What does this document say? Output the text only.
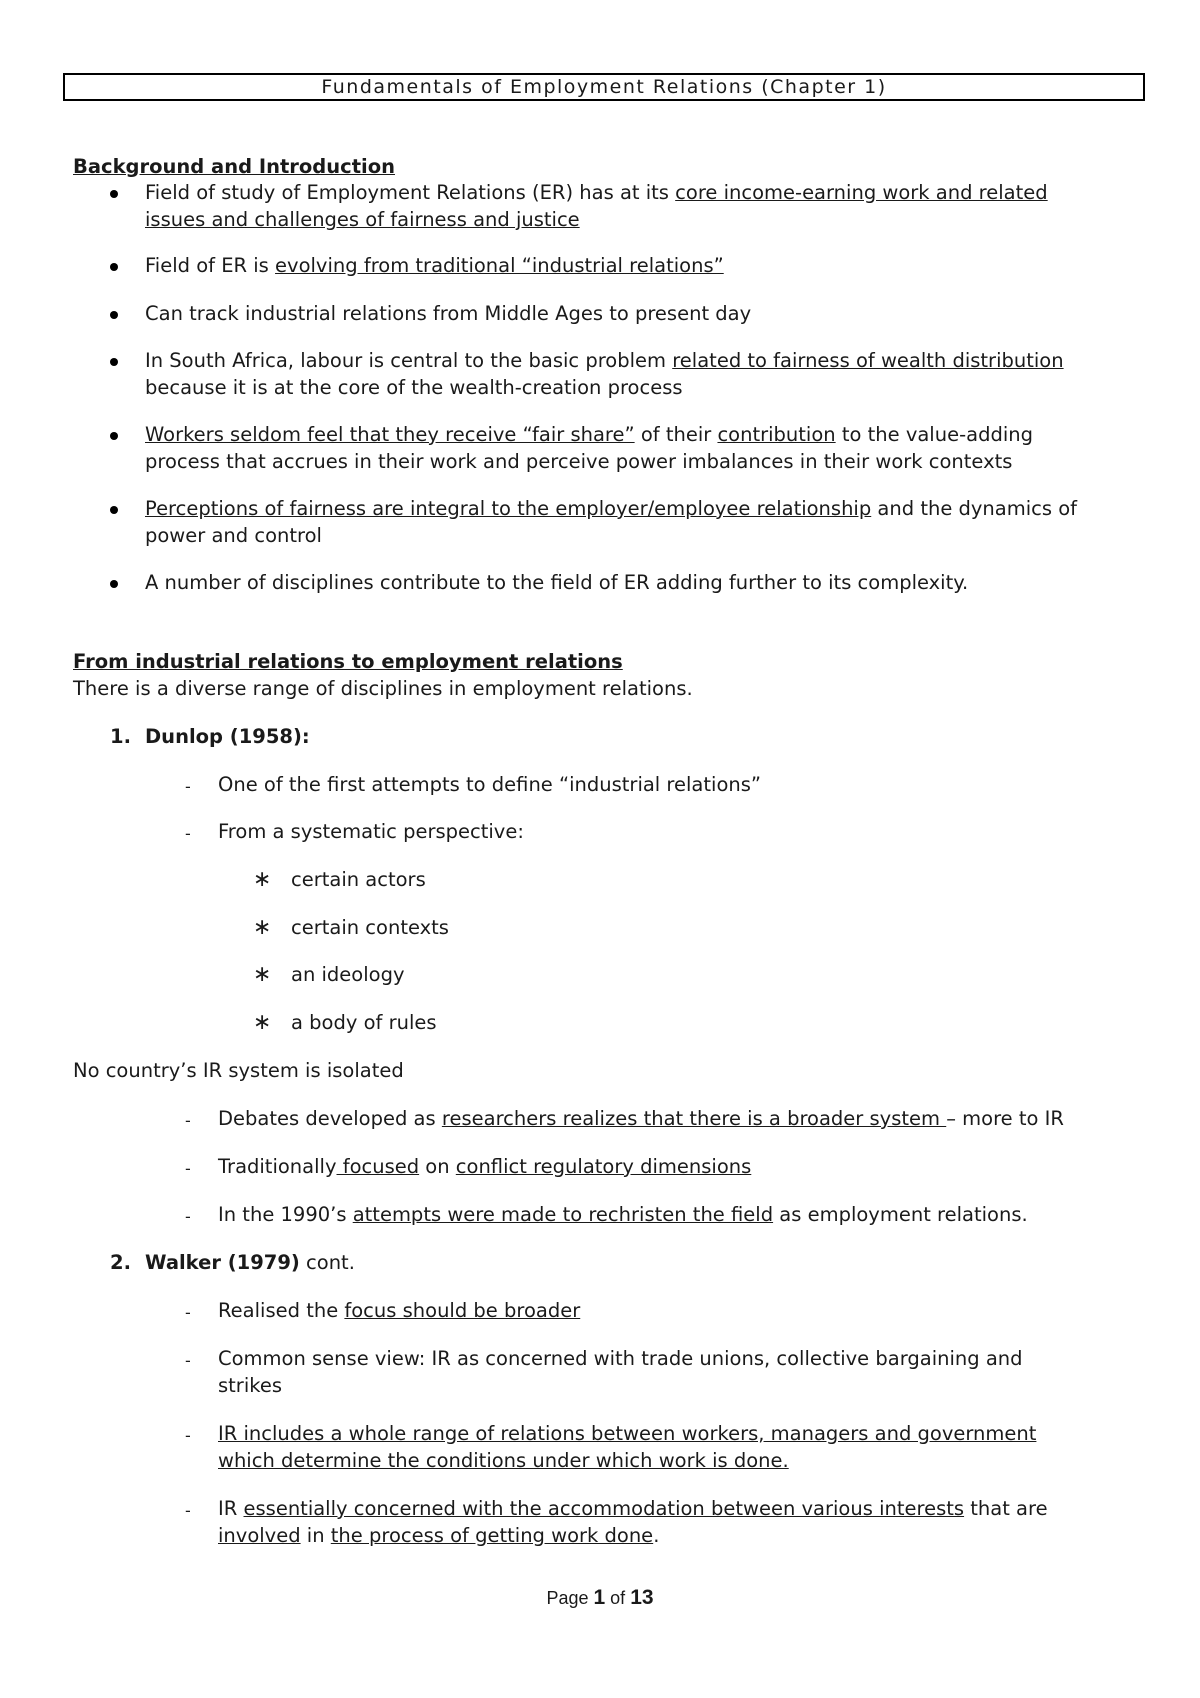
Fundamentals of Employment Relations (Chapter 1)
Background and Introduction
Field of study of Employment Relations (ER) has at its core income-earning work and related
issues and challenges of fairness and justice
Field of ER is evolving from traditional “industrial relations”
Can track industrial relations from Middle Ages to present day
In South Africa, labour is central to the basic problem related to fairness of wealth distribution
because it is at the core of the wealth-creation process
Workers seldom feel that they receive “fair share” of their contribution to the value-adding
process that accrues in their work and perceive power imbalances in their work contexts
Perceptions of fairness are integral to the employer/employee relationship and the dynamics of
power and control
A number of disciplines contribute to the field of ER adding further to its complexity.
From industrial relations to employment relations
There is a diverse range of disciplines in employment relations.
1. Dunlop (1958):
- One of the first attempts to define “industrial relations”
- From a systematic perspective:
∗ certain actors
∗ certain contexts
∗ an ideology
∗ a body of rules
No country’s IR system is isolated
- Debates developed as researchers realizes that there is a broader system – more to IR
- Traditionally focused on conflict regulatory dimensions
- In the 1990’s attempts were made to rechristen the field as employment relations.
2. Walker (1979) cont.
- Realised the focus should be broader
- Common sense view: IR as concerned with trade unions, collective bargaining and
strikes
- IR includes a whole range of relations between workers, managers and government
which determine the conditions under which work is done.
- IR essentially concerned with the accommodation between various interests that are
involved in the process of getting work done.
Page 1 of 13
